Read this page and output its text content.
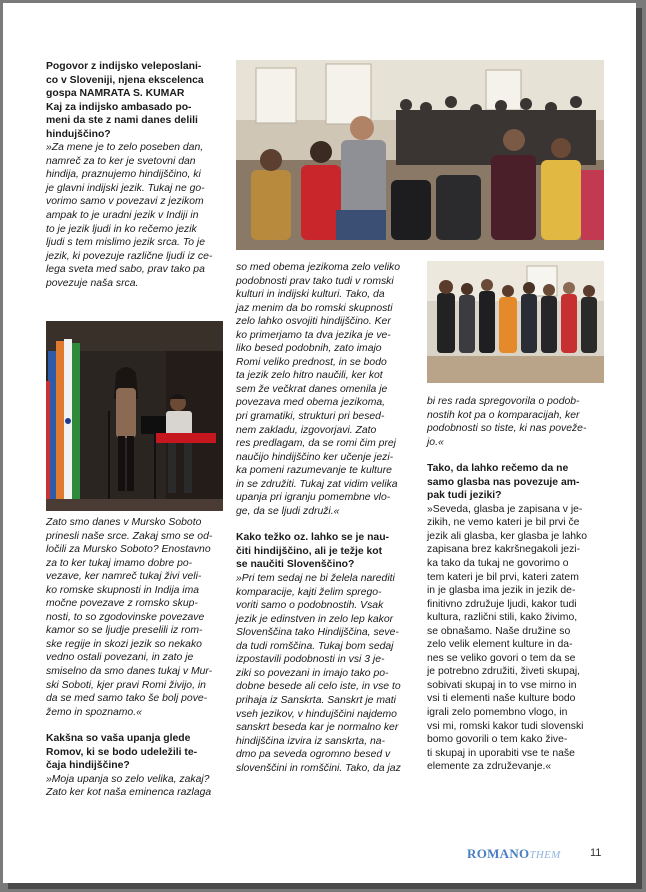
Pogovor z indijsko veleposlani-
co v Sloveniji, njena ekscelenca
gospa NAMRATA S. KUMAR
Kaj za indijsko ambasado po-
meni da ste z nami danes delili
hindujščino?
»Za mene je to zelo poseben dan,
namreč za to ker je svetovni dan
hindija, praznujemo hindijščino, ki
je glavni indijski jezik. Tukaj ne go-
vorimo samo v povezavi z jezikom
ampak to je uradni jezik v Indiji in
to je jezik ljudi in ko rečemo jezik
ljudi s tem mislimo jezik srca. To je
jezik, ki povezuje različne ljudi iz ce-
lega sveta med sabo, prav tako pa
povezuje naša srca.
Zato smo danes v Mursko Soboto
prinesli naše srce. Zakaj smo se od-
ločili za Mursko Soboto? Enostavno
za to ker tukaj imamo dobre po-
vezave, ker namreč tukaj živi veli-
ko romske skupnosti in Indija ima
močne povezave z romsko skup-
nosti, to so zgodovinske povezave
kamor so se ljudje preselili iz rom-
ske regije in skozi jezik so nekako
vedno ostali povezani, in zato je
smiselno da smo danes tukaj v Mur-
ski Soboti, kjer pravi Romi živijo, in
da se med samo tako še bolj pove-
žemo in spoznamo.«
Kakšna so vaša upanja glede
Romov, ki se bodo udeležili te-
čaja hindijščine?
»Moja upanja so zelo velika, zakaj?
Zato ker kot naša eminenca razlaga
so med obema jezikoma zelo veliko
podobnosti prav tako tudi v romski
kulturi in indijski kulturi. Tako, da
jaz menim da bo romski skupnosti
zelo lahko osvojiti hindijščino. Ker
ko primerjamo ta dva jezika je ve-
liko besed podobnih, zato imajo
Romi veliko prednost, in se bodo
ta jezik zelo hitro naučili, ker kot
sem že večkrat danes omenila je
povezava med obema jezikoma,
pri gramatiki, strukturi pri besed-
nem zakladu, izgovorjavi. Zato
res predlagam, da se romi čim prej
naučijo hindijščino ker učenje jezi-
ka pomeni razumevanje te kulture
in se združiti. Tukaj zat vidim velika
upanja pri igranju pomembne vlo-
ge, da se ljudi združi.«
Kako težko oz. lahko se je nau-
čiti hindijščino, ali je težje kot
se naučiti Slovenščino?
»Pri tem sedaj ne bi želela narediti
komparacije, kajti želim sprego-
voriti samo o podobnostih. Vsak
jezik je edinstven in zelo lep kakor
Slovenščina tako Hindijščina, seve-
da tudi romščina. Tukaj bom sedaj
izpostavili podobnosti in vsi 3 je-
ziki so povezani in imajo tako po-
dobne besede ali celo iste, in vse to
prihaja iz Sanskrta. Sanskrt je mati
vseh jezikov, v hindujščini najdemo
sanskrt beseda kar je normalno ker
hindijščina izvira iz sanskrta, na-
dmo pa seveda ogromno besed v
slovenščini in romščini. Tako, da jaz
bi res rada spregovorila o podob-
nostih kot pa o komparacijah, ker
podobnosti so tiste, ki nas poveže-
jo.«
Tako, da lahko rečemo da ne
samo glasba nas povezuje am-
pak tudi jeziki?
»Seveda, glasba je zapisana v je-
zikih, ne vemo kateri je bil prvi če
jezik ali glasba, ker glasba je lahko
zapisana brez kakršnegakoli jezi-
ka tako da tukaj ne govorimo o
tem kateri je bil prvi, kateri zatem
in je glasba ima jezik in jezik de-
finitivno združuje ljudi, kakor tudi
kultura, različni stili, kako živimo,
se obnašamo. Naše družine so
zelo velik element kulture in da-
nes se veliko govori o tem da se
je potrebno združiti, živeti skupaj,
sobivati skupaj in to vse mirno in
vsi ti elementi naše kulture bodo
igrali zelo pomembno vlogo, in
vsi mi, romski kakor tudi slovenski
bomo govorili o tem kako žive-
ti skupaj in uporabiti vse te naše
elemente za združevanje.«
ROMANOTHEM	11
